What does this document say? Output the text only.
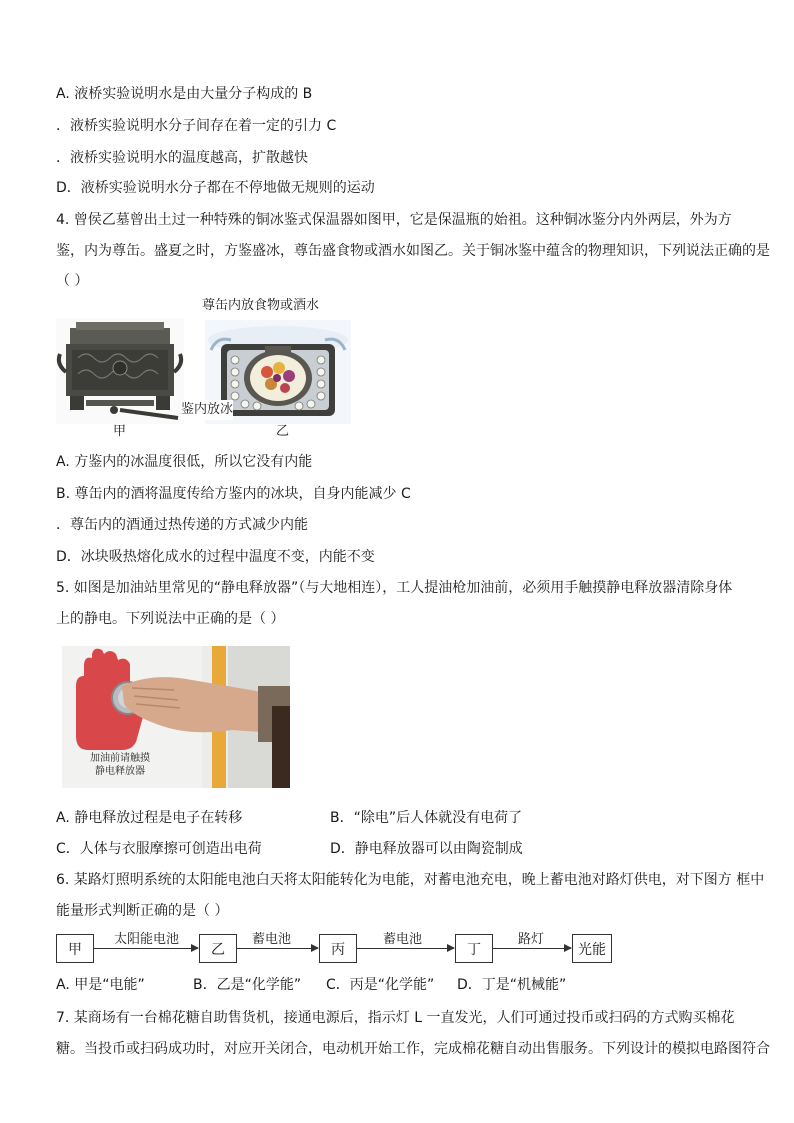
A. 液桥实验说明水是由大量分子构成的 B
．液桥实验说明水分子间存在着一定的引力 C
．液桥实验说明水的温度越高，扩散越快
D．液桥实验说明水分子都在不停地做无规则的运动
4. 曾侯乙墓曾出土过一种特殊的铜冰鉴式保温器如图甲，它是保温瓶的始祖。这种铜冰鉴分内外两层，外为方
鉴，内为尊缶。盛夏之时，方鉴盛冰，尊缶盛食物或酒水如图乙。关于铜冰鉴中蕴含的物理知识，下列说法正确的是
（ ）
尊缶内放食物或酒水
鉴内放冰
甲	乙
A. 方鉴内的冰温度很低，所以它没有内能
B. 尊缶内的酒将温度传给方鉴内的冰块，自身内能减少 C
．尊缶内的酒通过热传递的方式减少内能
D．冰块吸热熔化成水的过程中温度不变，内能不变
5. 如图是加油站里常见的“静电释放器”（与大地相连），工人提油枪加油前，必须用手触摸静电释放器清除身体
上的静电。下列说法中正确的是（ ）
加油前请触摸
静电释放器
A. 静电释放过程是电子在转移	B．“除电”后人体就没有电荷了
C．人体与衣服摩擦可创造出电荷	D．静电释放器可以由陶瓷制成
6. 某路灯照明系统的太阳能电池白天将太阳能转化为电能，对蓄电池充电，晚上蓄电池对路灯供电，对下图方 框中
能量形式判断正确的是（ ）
甲	乙	丙	丁	光能
太阳能电池	蓄电池	蓄电池	路灯
A. 甲是“电能”	B．乙是“化学能” C．丙是“化学能” D．丁是“机械能”
7. 某商场有一台棉花糖自助售货机，接通电源后，指示灯 L 一直发光，人们可通过投币或扫码的方式购买棉花
糖。当投币或扫码成功时，对应开关闭合，电动机开始工作，完成棉花糖自动出售服务。下列设计的模拟电路图符合
